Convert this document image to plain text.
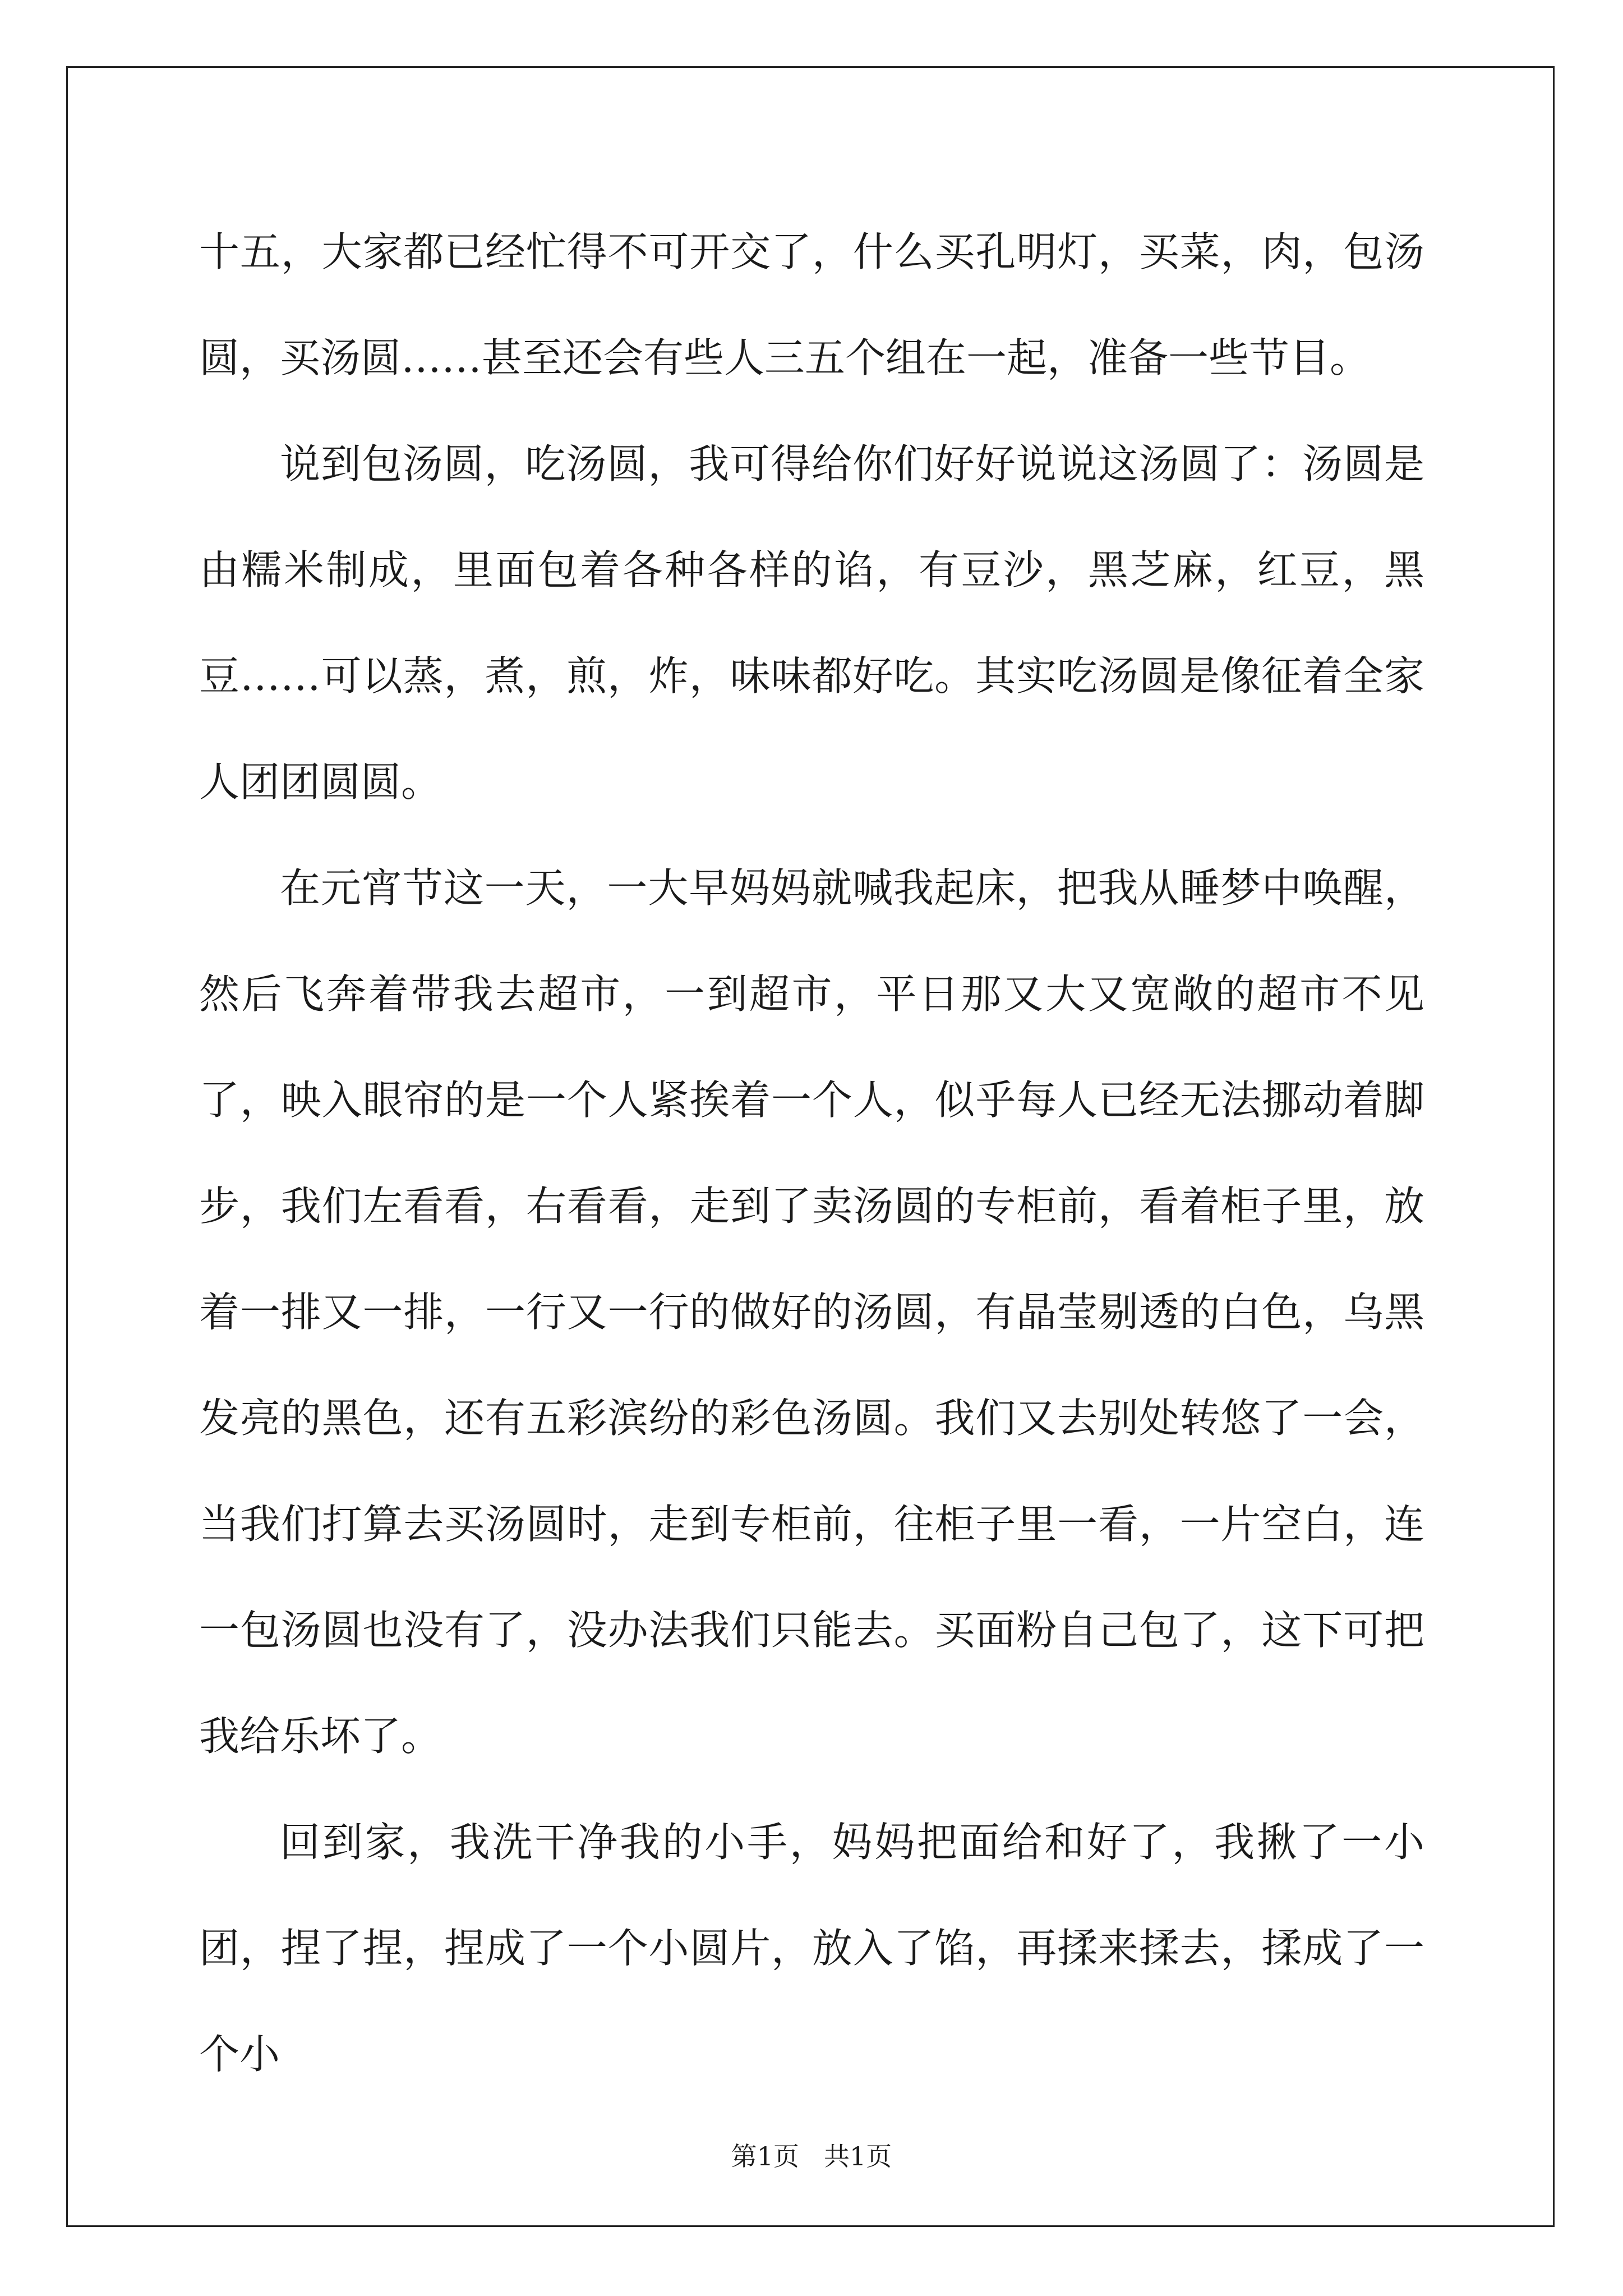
十五，大家都已经忙得不可开交了，什么买孔明灯，买菜，肉，包汤圆，买汤圆……甚至还会有些人三五个组在一起，准备一些节目。

说到包汤圆，吃汤圆，我可得给你们好好说说这汤圆了：汤圆是由糯米制成，里面包着各种各样的谄，有豆沙，黑芝麻，红豆，黑豆……可以蒸，煮，煎，炸，味味都好吃。其实吃汤圆是像征着全家人团团圆圆。

在元宵节这一天，一大早妈妈就喊我起床，把我从睡梦中唤醒，然后飞奔着带我去超市，一到超市，平日那又大又宽敞的超市不见了，映入眼帘的是一个人紧挨着一个人，似乎每人已经无法挪动着脚步，我们左看看，右看看，走到了卖汤圆的专柜前，看着柜子里，放着一排又一排，一行又一行的做好的汤圆，有晶莹剔透的白色，乌黑发亮的黑色，还有五彩滨纷的彩色汤圆。我们又去别处转悠了一会，当我们打算去买汤圆时，走到专柜前，往柜子里一看，一片空白，连一包汤圆也没有了，没办法我们只能去。买面粉自己包了，这下可把我给乐坏了。

回到家，我洗干净我的小手，妈妈把面给和好了，我揪了一小团，捏了捏，捏成了一个小圆片，放入了馅，再揉来揉去，揉成了一个小

第1页 共1页
